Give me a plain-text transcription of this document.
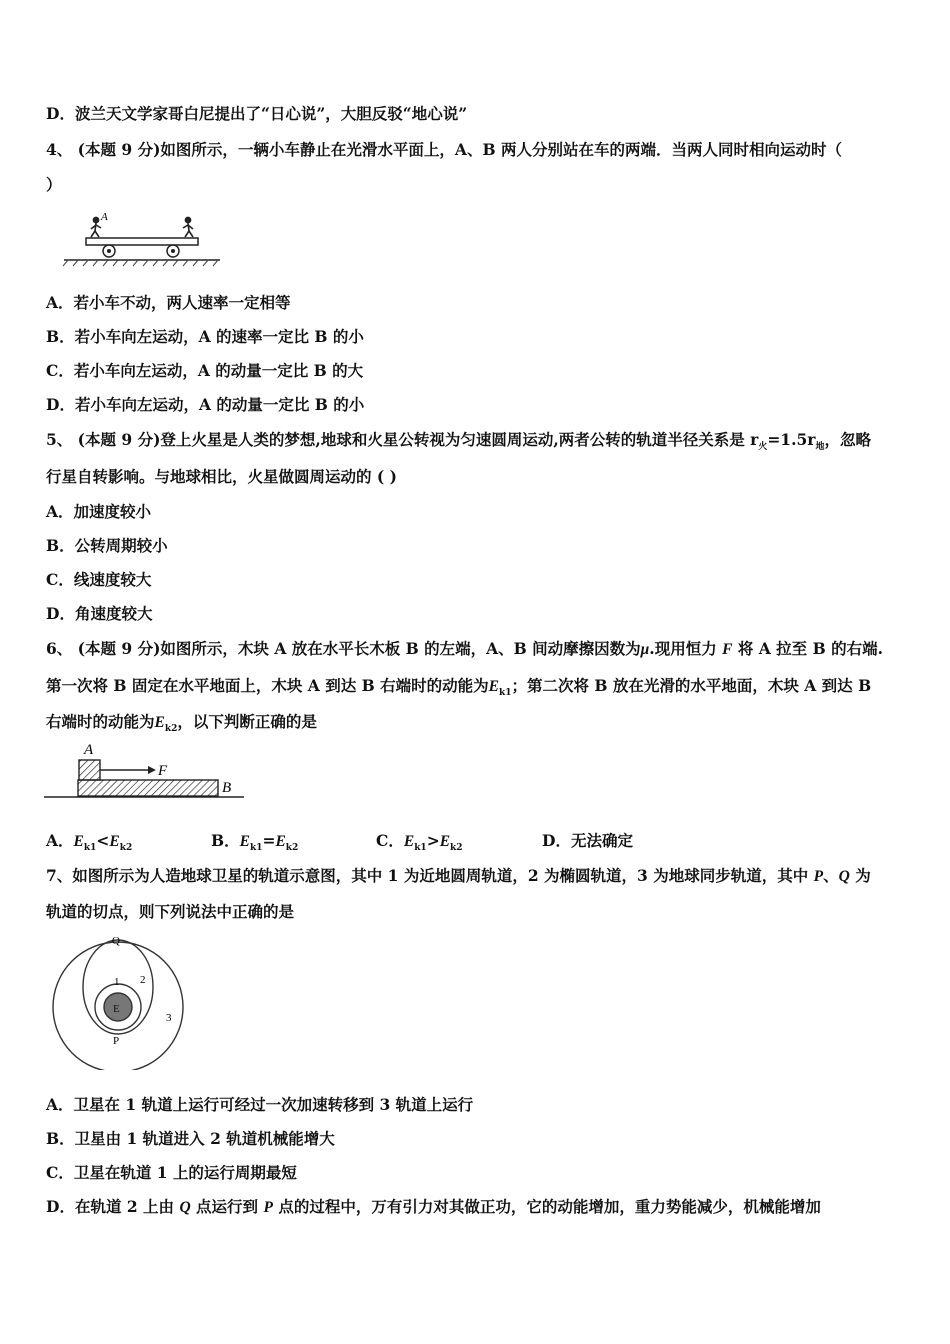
D．波兰天文学家哥白尼提出了“日心说”，大胆反驳“地心说”
4、 (本题 9 分)如图所示，一辆小车静止在光滑水平面上，A、B 两人分别站在车的两端．当两人同时相向运动时（
）
A
A．若小车不动，两人速率一定相等
B．若小车向左运动，A 的速率一定比 B 的小
C．若小车向左运动，A 的动量一定比 B 的大
D．若小车向左运动，A 的动量一定比 B 的小
5、 (本题 9 分)登上火星是人类的梦想,地球和火星公转视为匀速圆周运动,两者公转的轨道半径关系是 $r_火=1.5r_地$，忽略
行星自转影响。与地球相比，火星做圆周运动的 ( )
A．加速度较小
B．公转周期较小
C．线速度较大
D．角速度较大
6、 (本题 9 分)如图所示，木块 A 放在水平长木板 B 的左端，A、B 间动摩擦因数为μ.现用恒力 F 将 A 拉至 B 的右端.
第一次将 B 固定在水平地面上，木块 A 到达 B 右端时的动能为$E_{k1}$；第二次将 B 放在光滑的水平地面，木块 A 到达 B
右端时的动能为$E_{k2}$，以下判断正确的是
A
F
B
A．$E_{k1}<E_{k2}$	B．$E_{k1}=E_{k2}$	C．$E_{k1}>E_{k2}$	D．无法确定
7、如图所示为人造地球卫星的轨道示意图，其中 1 为近地圆周轨道，2 为椭圆轨道，3 为地球同步轨道，其中 P、Q 为
轨道的切点，则下列说法中正确的是
E
Q
P
1 2
3
A．卫星在 1 轨道上运行可经过一次加速转移到 3 轨道上运行
B．卫星由 1 轨道进入 2 轨道机械能增大
C．卫星在轨道 1 上的运行周期最短
D．在轨道 2 上由 Q 点运行到 P 点的过程中，万有引力对其做正功，它的动能增加，重力势能减少，机械能增加
